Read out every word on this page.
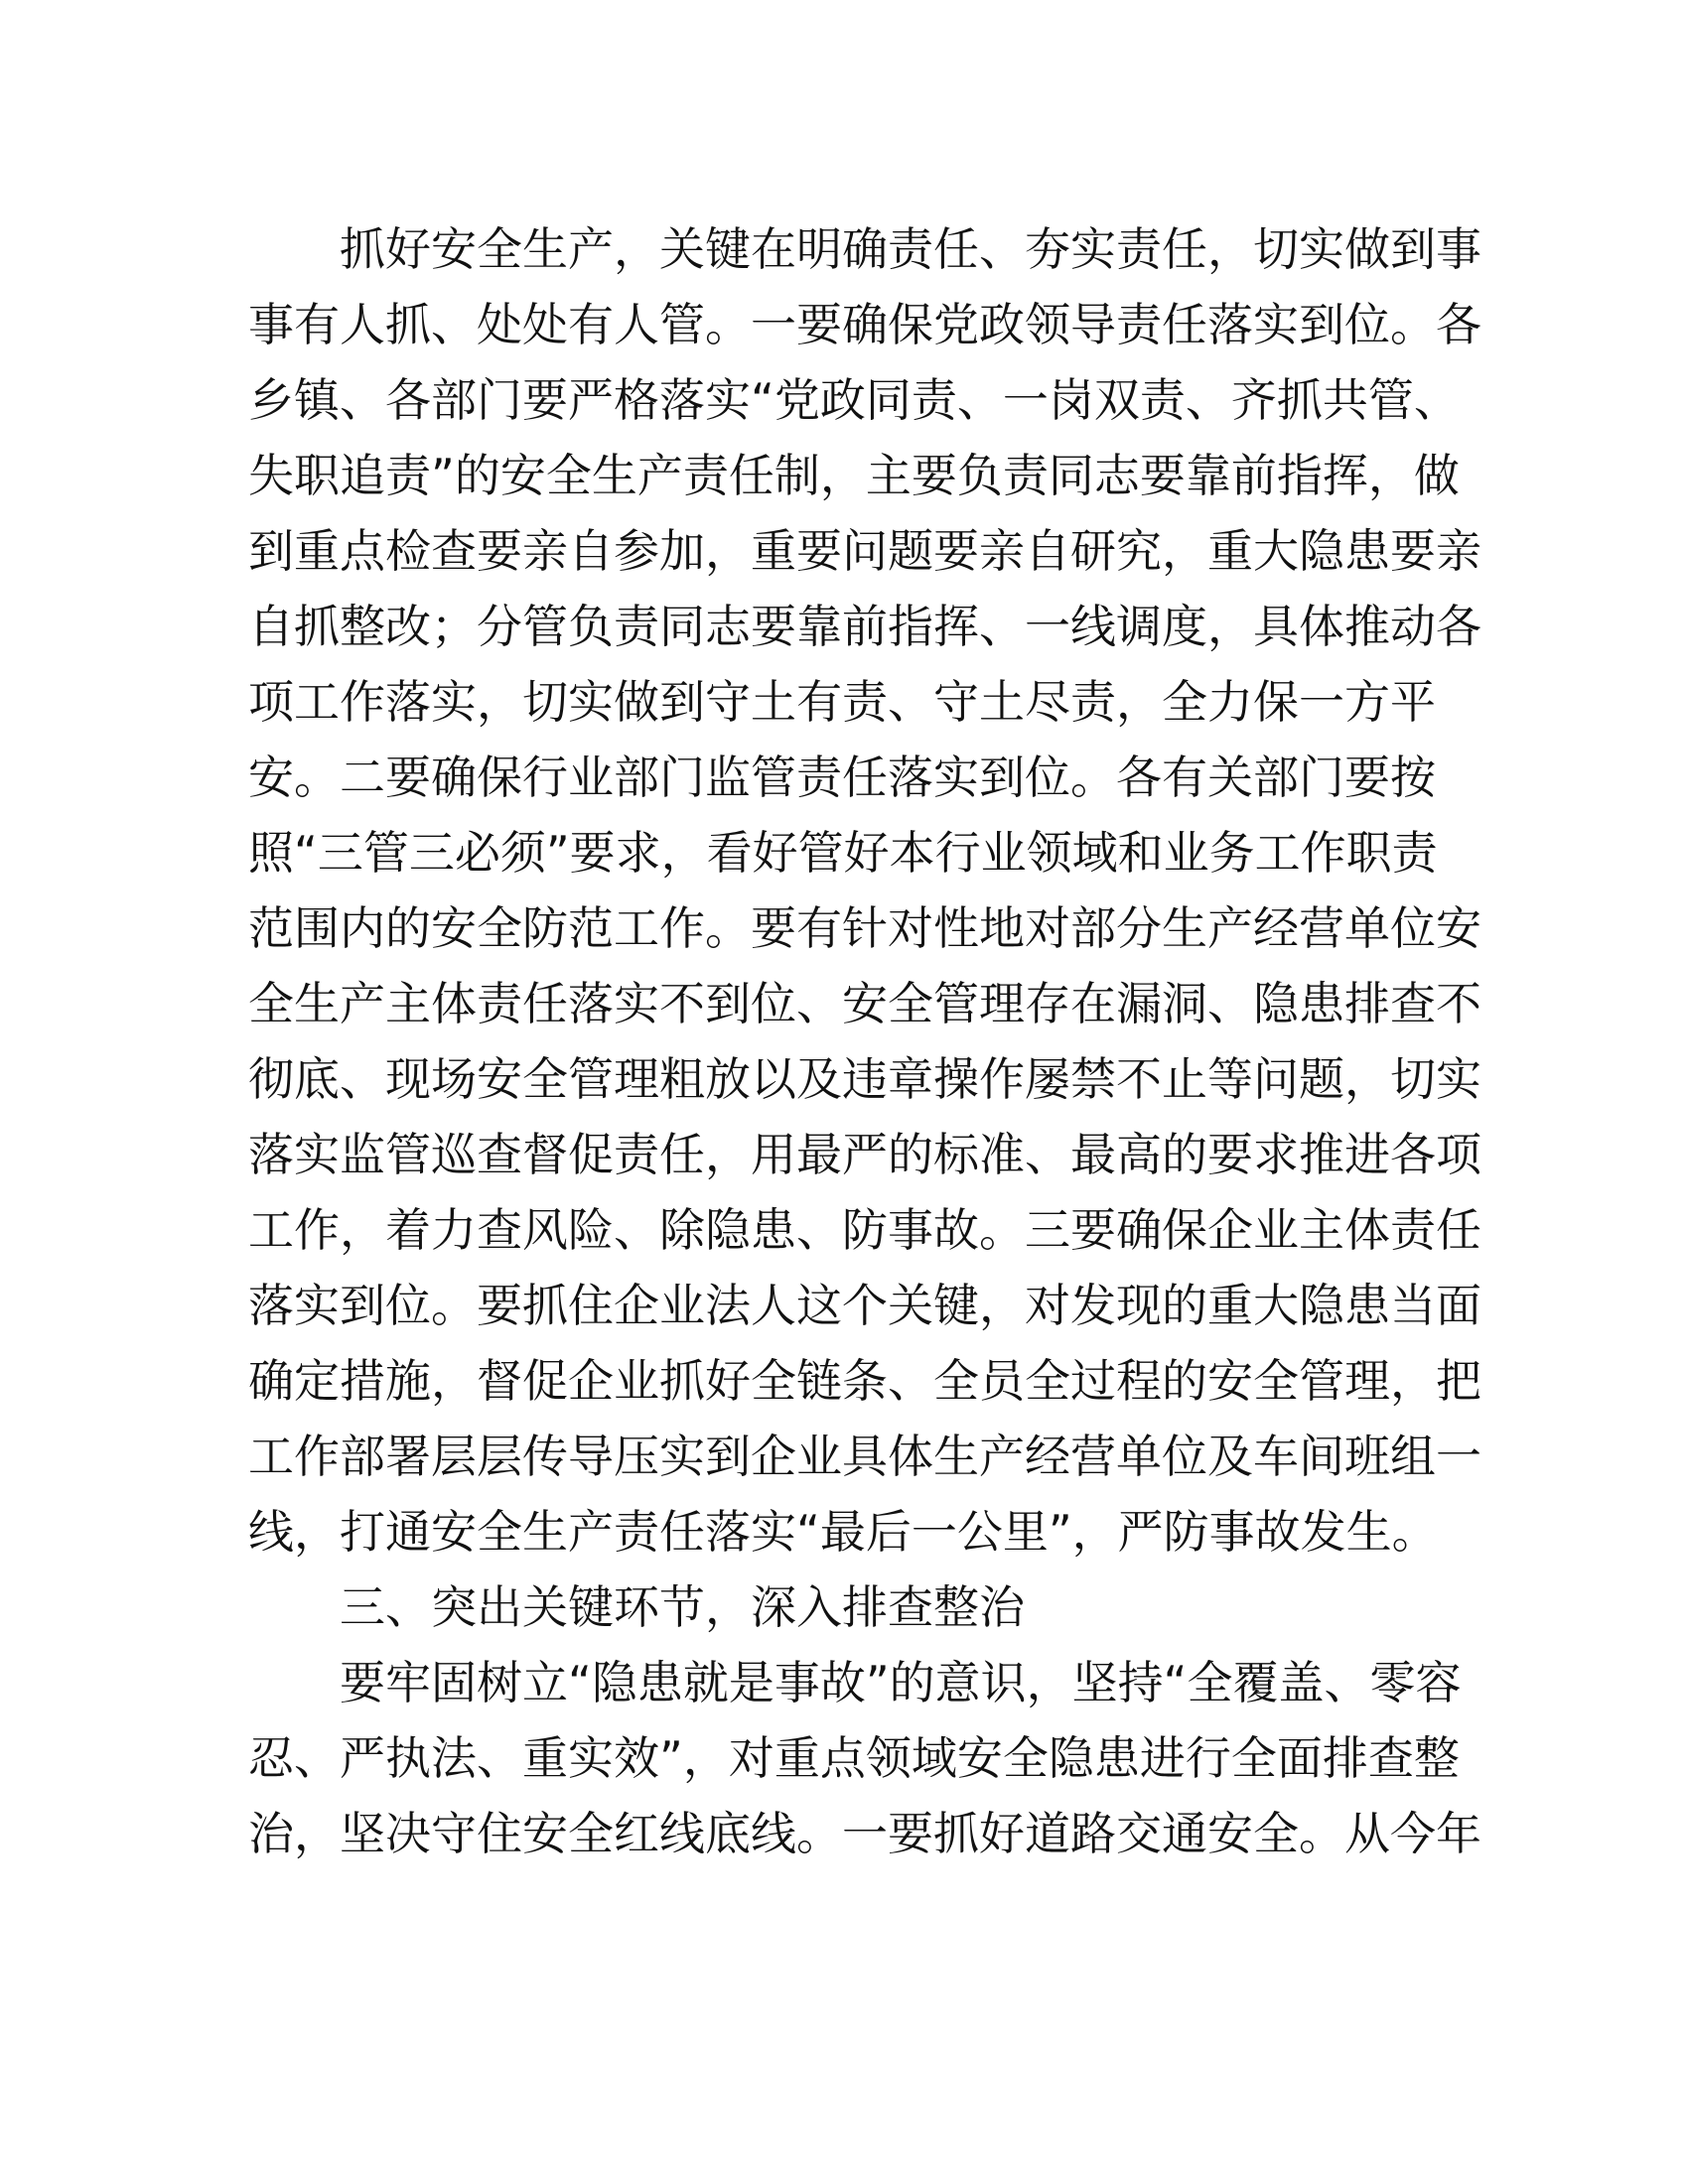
抓好安全生产，关键在明确责任、夯实责任，切实做到事
事有人抓、处处有人管。一要确保党政领导责任落实到位。各
乡镇、各部门要严格落实“党政同责、一岗双责、齐抓共管、
失职追责”的安全生产责任制，主要负责同志要靠前指挥，做
到重点检查要亲自参加，重要问题要亲自研究，重大隐患要亲
自抓整改；分管负责同志要靠前指挥、一线调度，具体推动各
项工作落实，切实做到守土有责、守土尽责，全力保一方平
安。二要确保行业部门监管责任落实到位。各有关部门要按
照“三管三必须”要求，看好管好本行业领域和业务工作职责
范围内的安全防范工作。要有针对性地对部分生产经营单位安
全生产主体责任落实不到位、安全管理存在漏洞、隐患排查不
彻底、现场安全管理粗放以及违章操作屡禁不止等问题，切实
落实监管巡查督促责任，用最严的标准、最高的要求推进各项
工作，着力查风险、除隐患、防事故。三要确保企业主体责任
落实到位。要抓住企业法人这个关键，对发现的重大隐患当面
确定措施，督促企业抓好全链条、全员全过程的安全管理，把
工作部署层层传导压实到企业具体生产经营单位及车间班组一
线，打通安全生产责任落实“最后一公里”，严防事故发生。
三、突出关键环节，深入排查整治
要牢固树立“隐患就是事故”的意识，坚持“全覆盖、零容
忍、严执法、重实效”，对重点领域安全隐患进行全面排查整
治，坚决守住安全红线底线。一要抓好道路交通安全。从今年
